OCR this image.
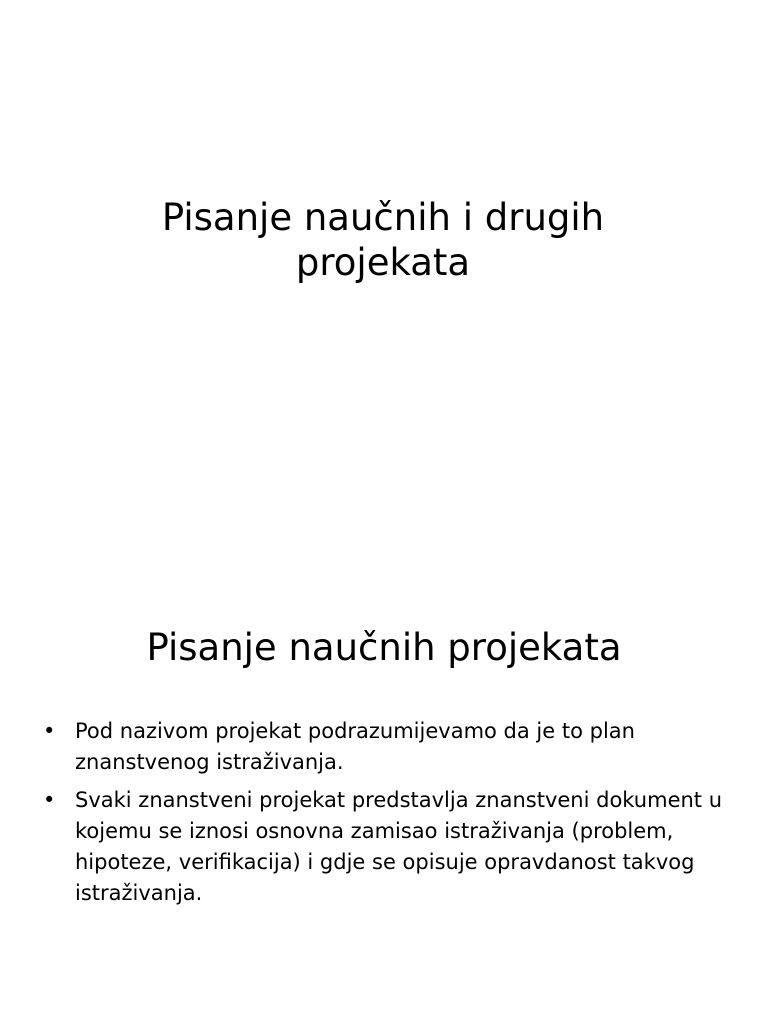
Pisanje naučnih i drugih
projekata
Pisanje naučnih projekata
• Pod nazivom projekat podrazumijevamo da je to plan znanstvenog istraživanja.
• Svaki znanstveni projekat predstavlja znanstveni dokument u kojemu se iznosi osnovna zamisao istraživanja (problem, hipoteze, verifikacija) i gdje se opisuje opravdanost takvog istraživanja.
